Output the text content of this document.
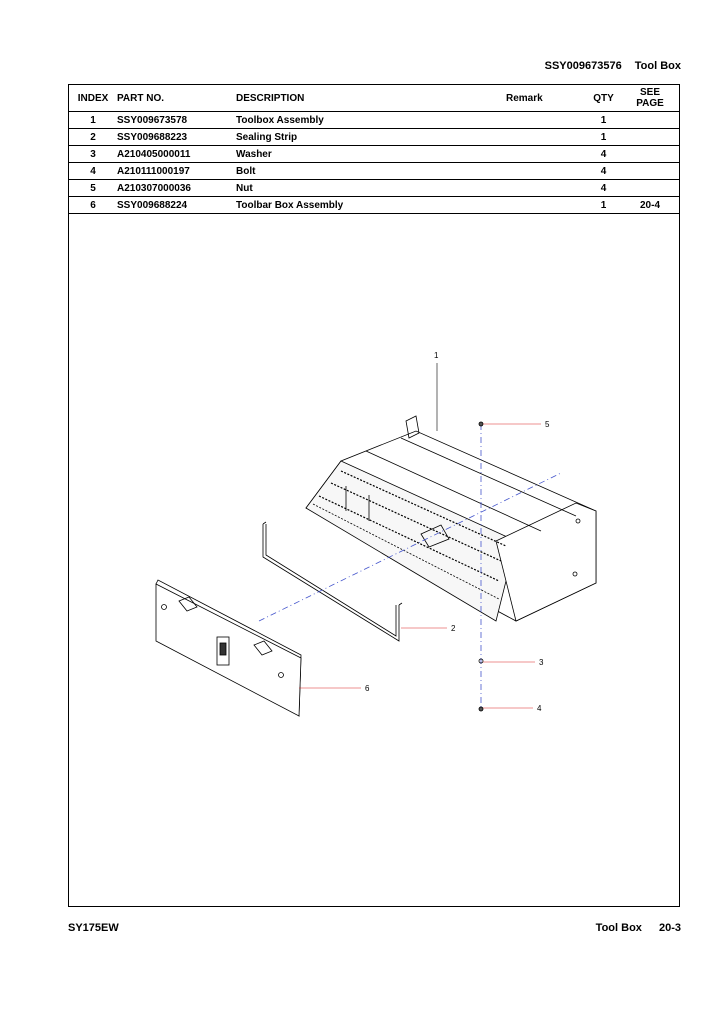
SSY009673576 Tool Box
INDEX	PART NO.	DESCRIPTION	Remark	QTY	SEE
PAGE
1	SSY009673578	Toolbox Assembly		1	
2	SSY009688223	Sealing Strip		1	
3	A210405000011	Washer		4	
4	A210111000197	Bolt		4	
5	A210307000036	Nut		4	
6	SSY009688224	Toolbar Box Assembly		1	20-4
1
5
2
3
4
6
SY175EW	Tool Box 20-3
